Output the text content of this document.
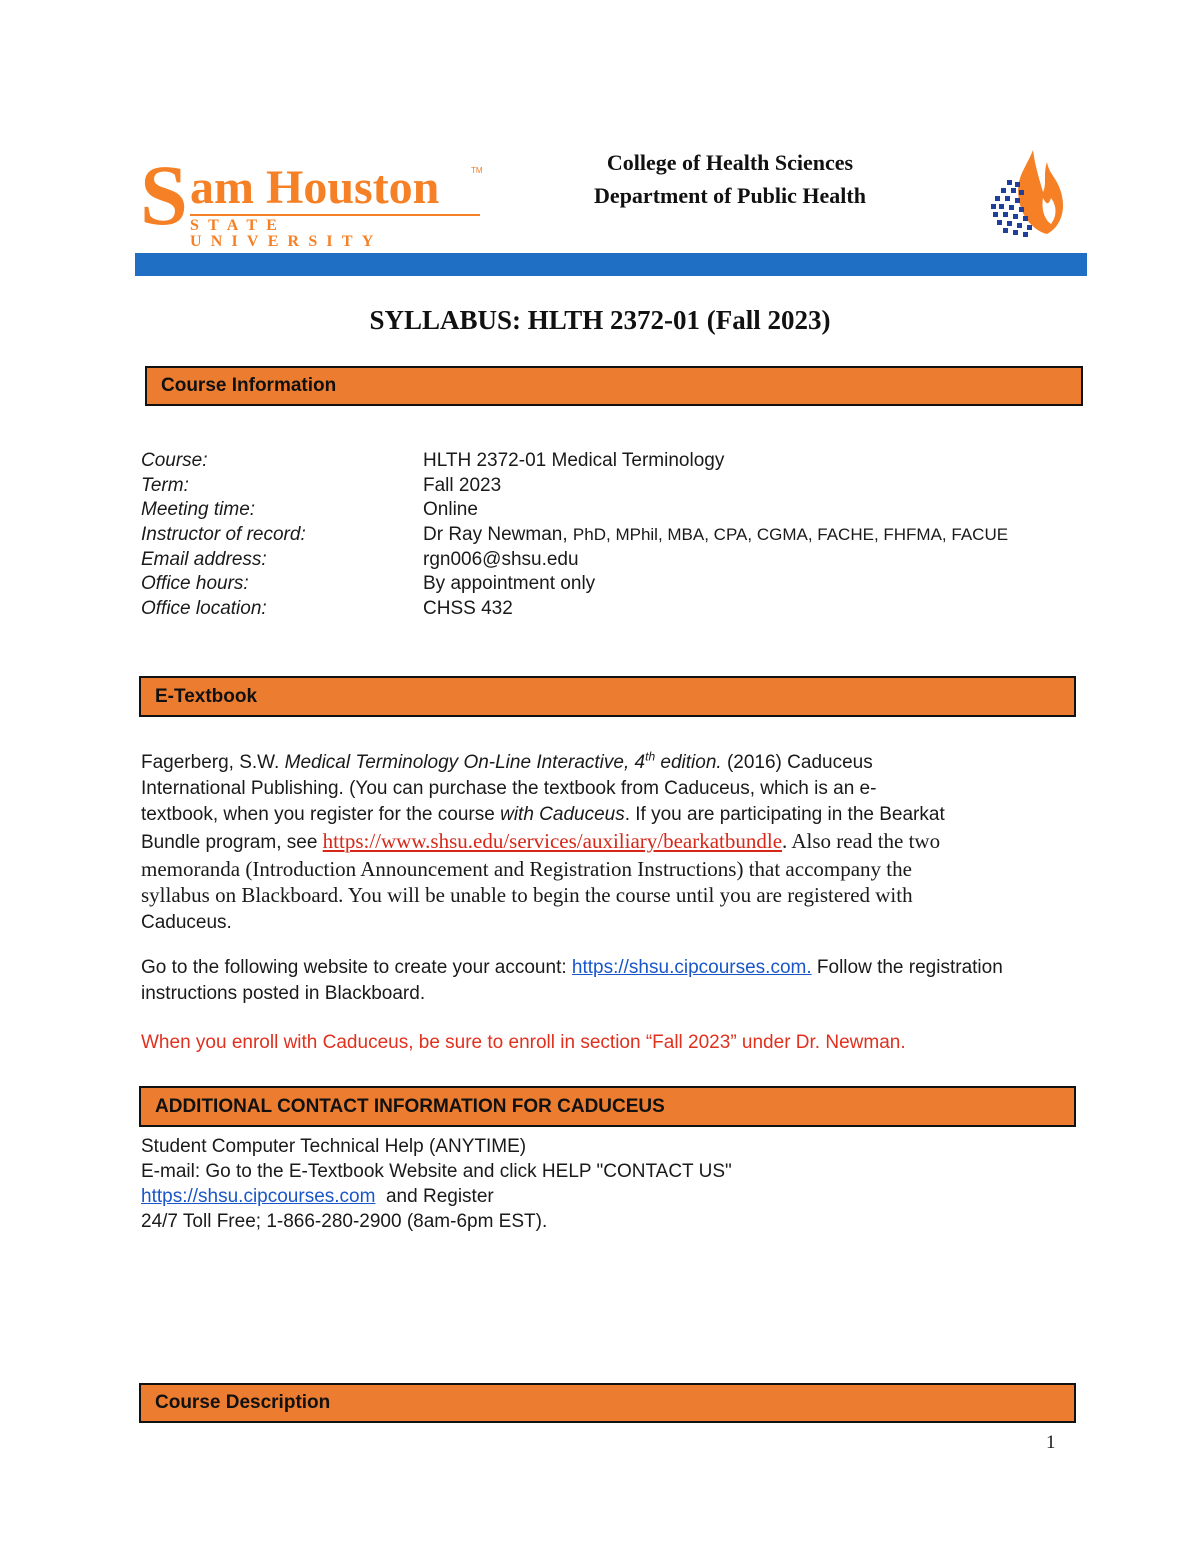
S am Houston	TM
STATE UNIVERSITY
College of Health Sciences
Department of Public Health
SYLLABUS: HLTH 2372-01 (Fall 2023)
Course Information
Course:	HLTH 2372-01 Medical Terminology
Term:	Fall 2023
Meeting time:	Online
Instructor of record:	Dr Ray Newman, PhD, MPhil, MBA, CPA, CGMA, FACHE, FHFMA, FACUE
Email address:	rgn006@shsu.edu
Office hours:	By appointment only
Office location:	CHSS 432
E-Textbook
Fagerberg, S.W. Medical Terminology On-Line Interactive, 4th edition. (2016) Caduceus
International Publishing. (You can purchase the textbook from Caduceus, which is an e-
textbook, when you register for the course with Caduceus. If you are participating in the Bearkat
Bundle program, see https://www.shsu.edu/services/auxiliary/bearkatbundle. Also read the two
memoranda (Introduction Announcement and Registration Instructions) that accompany the
syllabus on Blackboard. You will be unable to begin the course until you are registered with
Caduceus.
Go to the following website to create your account: https://shsu.cipcourses.com. Follow the registration
instructions posted in Blackboard.
When you enroll with Caduceus, be sure to enroll in section “Fall 2023” under Dr. Newman.
ADDITIONAL CONTACT INFORMATION FOR CADUCEUS
Student Computer Technical Help (ANYTIME)
E-mail: Go to the E-Textbook Website and click HELP "CONTACT US"
https://shsu.cipcourses.com  and Register
24/7 Toll Free; 1-866-280-2900 (8am-6pm EST).
Course Description
1
